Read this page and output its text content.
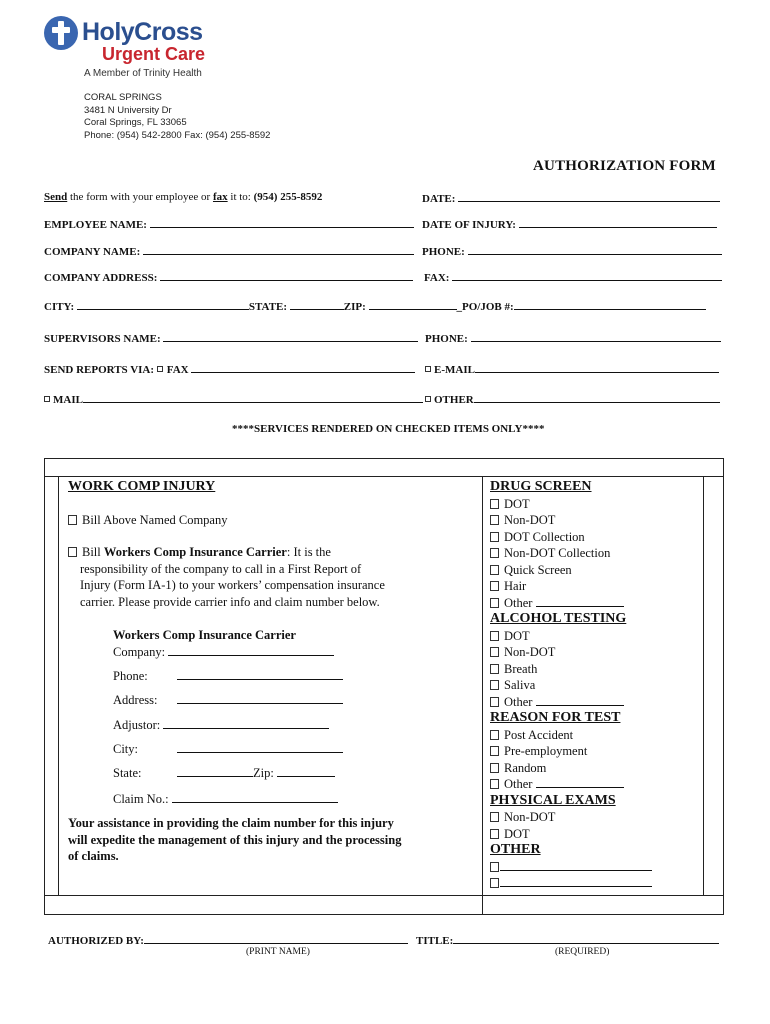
HolyCross
Urgent Care
A Member of Trinity Health
CORAL SPRINGS
3481 N University Dr
Coral Springs, FL 33065
Phone: (954) 542-2800 Fax: (954) 255-8592
AUTHORIZATION FORM
Send the form with your employee or fax it to: (954) 255-8592	DATE:
EMPLOYEE NAME:	DATE OF INJURY:
COMPANY NAME:	PHONE:
COMPANY ADDRESS:	FAX:
CITY:	STATE:	ZIP:	_PO/JOB #:
SUPERVISORS NAME:	PHONE:
SEND REPORTS VIA: FAX	E-MAIL
MAIL	OTHER
****SERVICES RENDERED ON CHECKED ITEMS ONLY****
WORK COMP INJURY
Bill Above Named Company
Bill Workers Comp Insurance Carrier: It is the
responsibility of the company to call in a First Report of
Injury (Form IA-1) to your workers’ compensation insurance
carrier. Please provide carrier info and claim number below.
Workers Comp Insurance Carrier
Company:
Phone:
Address:
Adjustor:
City:
State:	Zip:
Claim No.:
Your assistance in providing the claim number for this injury
will expedite the management of this injury and the processing
of claims.
DRUG SCREEN
DOT
Non-DOT
DOT Collection
Non-DOT Collection
Quick Screen
Hair
Other
ALCOHOL TESTING
DOT
Non-DOT
Breath
Saliva
Other
REASON FOR TEST
Post Accident
Pre-employment
Random
Other
PHYSICAL EXAMS
Non-DOT
DOT
OTHER
AUTHORIZED BY:	TITLE:
(PRINT NAME)	(REQUIRED)
